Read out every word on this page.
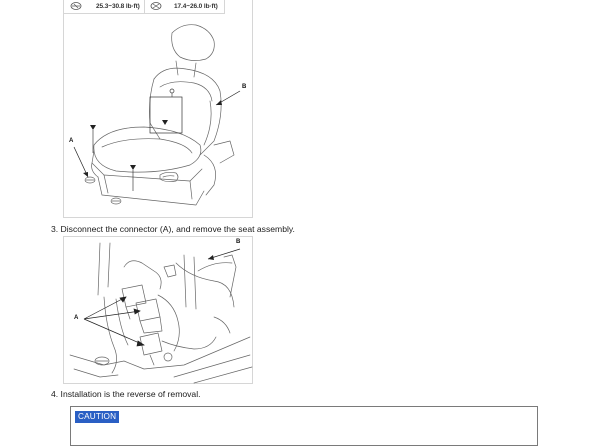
25.3~30.8 lb·ft)	17.4~26.0 lb·ft)
B
A
3. Disconnect the connector (A), and remove the seat assembly.
B
A
4. Installation is the reverse of removal.
CAUTION
